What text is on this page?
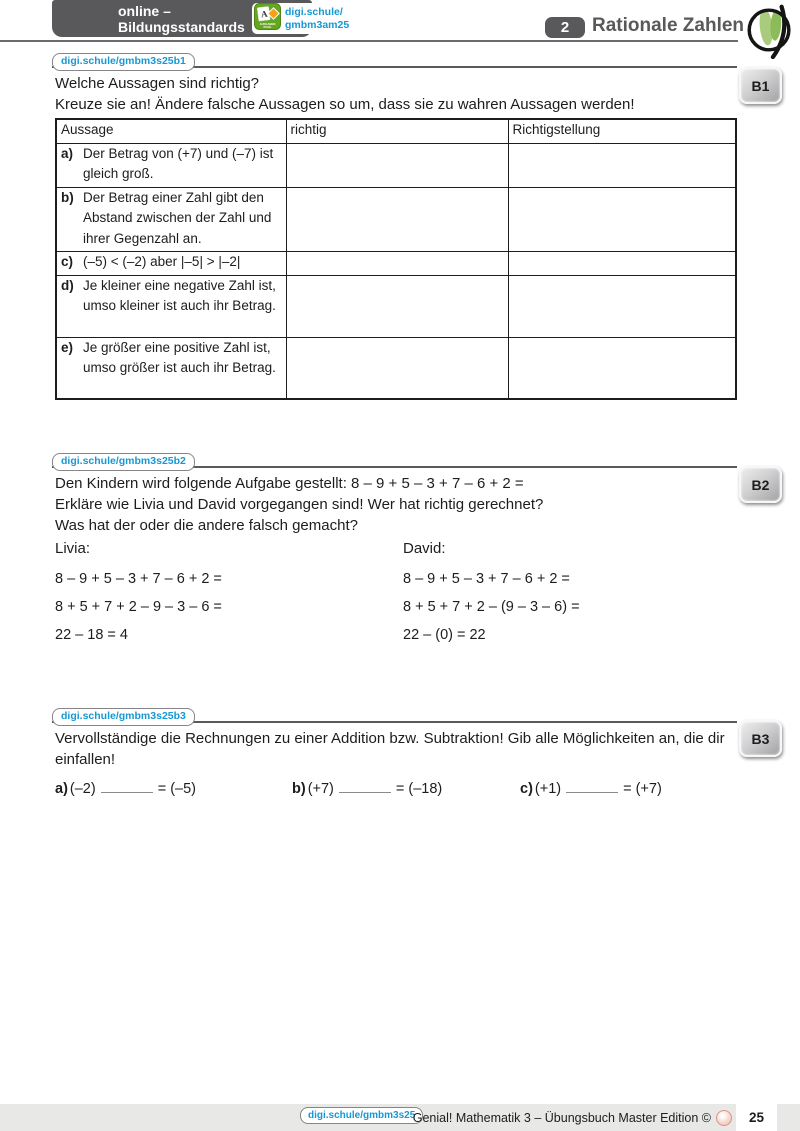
online –
Bildungsstandards
A
AUFGABEN
POOL
digi.schule/
gmbm3am25	2	Rationale Zahlen
digi.schule/gmbm3s25b1
B1
Welche Aussagen sind richtig?
Kreuze sie an! Ändere falsche Aussagen so um, dass sie zu wahren Aussagen werden!
Aussage	richtig	Richtigstellung

a) Der Betrag von (+7) und (–7) ist gleich groß.		

b) Der Betrag einer Zahl gibt den Abstand zwischen der Zahl und ihrer Gegenzahl an.		

c) (–5) < (–2) aber |–5| > |–2|		

d) Je kleiner eine negative Zahl ist, umso kleiner ist auch ihr Betrag.		

e) Je größer eine positive Zahl ist, umso größer ist auch ihr Betrag.		

digi.schule/gmbm3s25b2
B2
Den Kindern wird folgende Aufgabe gestellt: 8 – 9 + 5 – 3 + 7 – 6 + 2 =
Erkläre wie Livia und David vorgegangen sind! Wer hat richtig gerechnet?
Was hat der oder die andere falsch gemacht?
Livia:
8 – 9 + 5 – 3 + 7 – 6 + 2 =
8 + 5 + 7 + 2 – 9 – 3 – 6 =
22 – 18 = 4
David:
8 – 9 + 5 – 3 + 7 – 6 + 2 =
8 + 5 + 7 + 2 – (9 – 3 – 6) =
22 – (0) = 22
digi.schule/gmbm3s25b3
B3
Vervollständige die Rechnungen zu einer Addition bzw. Subtraktion! Gib alle Möglichkeiten an, die dir
einfallen!
a) (–2)	= (–5)	b) (+7)	= (–18)	c) (+1)	= (+7)
digi.schule/gmbm3s25
Genial! Mathematik 3 – Übungsbuch Master Edition ©	25
